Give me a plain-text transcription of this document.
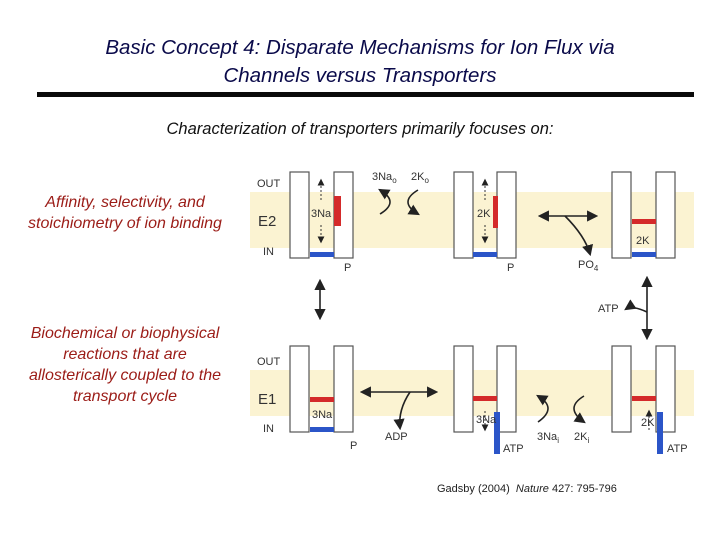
Basic Concept 4: Disparate Mechanisms for Ion Flux via
Channels versus Transporters
Characterization of transporters primarily focuses on:
Affinity, selectivity, and stoichiometry of ion binding
Biochemical or biophysical reactions that are allosterically coupled to the transport cycle
Gadsby (2004) Nature 427: 795-796
OUT
E2
IN
3Na
P
$3Na_o$ $2K_o$
2K
P	$PO_4$
2K
ATP
OUT
E1
IN
3Na
P
ADP
3Na
ATP
$3Na_i$ $2K_i$
2K
ATP
